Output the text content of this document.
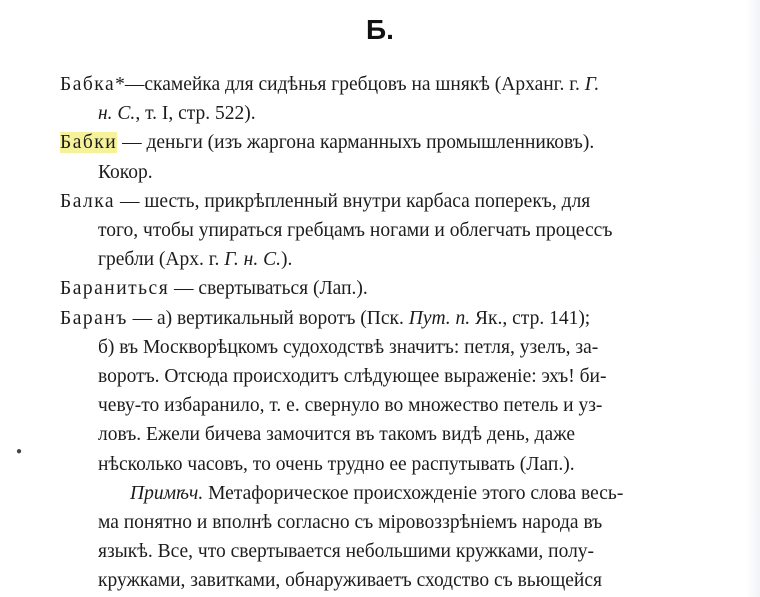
Б.

Бабка*—скамейка для сидѣнья гребцовъ на шнякѣ (Арханг. г. Г.
н. С., т. I, стр. 522).

Бабки — деньги (изъ жаргона карманныхъ промышленниковъ).
Кокор.

Балка — шесть, прикрѣпленный внутри карбаса поперекъ, для
того, чтобы упираться гребцамъ ногами и облегчать процессъ
гребли (Арх. г. Г. н. С.).

Бараниться — свертываться (Лап.).

Баранъ — а) вертикальный воротъ (Пск. Пут. п. Як., стр. 141);
б) въ Москворѣцкомъ судоходствѣ значитъ: петля, узелъ, за-
воротъ. Отсюда происходитъ слѣдующее выраженіе: эхъ! би-
чеву-то избаранило, т. е. свернуло во множество петель и уз-
ловъ. Ежели бичева замочится въ такомъ видѣ день, даже
нѣсколько часовъ, то очень трудно ее распутывать (Лап.).

Примѣч. Метафорическое происхожденіе этого слова весь-
ма понятно и вполнѣ согласно съ міровоззрѣніемъ народа въ
языкѣ. Все, что свертывается небольшими кружками, полу-
кружками, завитками, обнаруживаетъ сходство съ вьющейся

●
